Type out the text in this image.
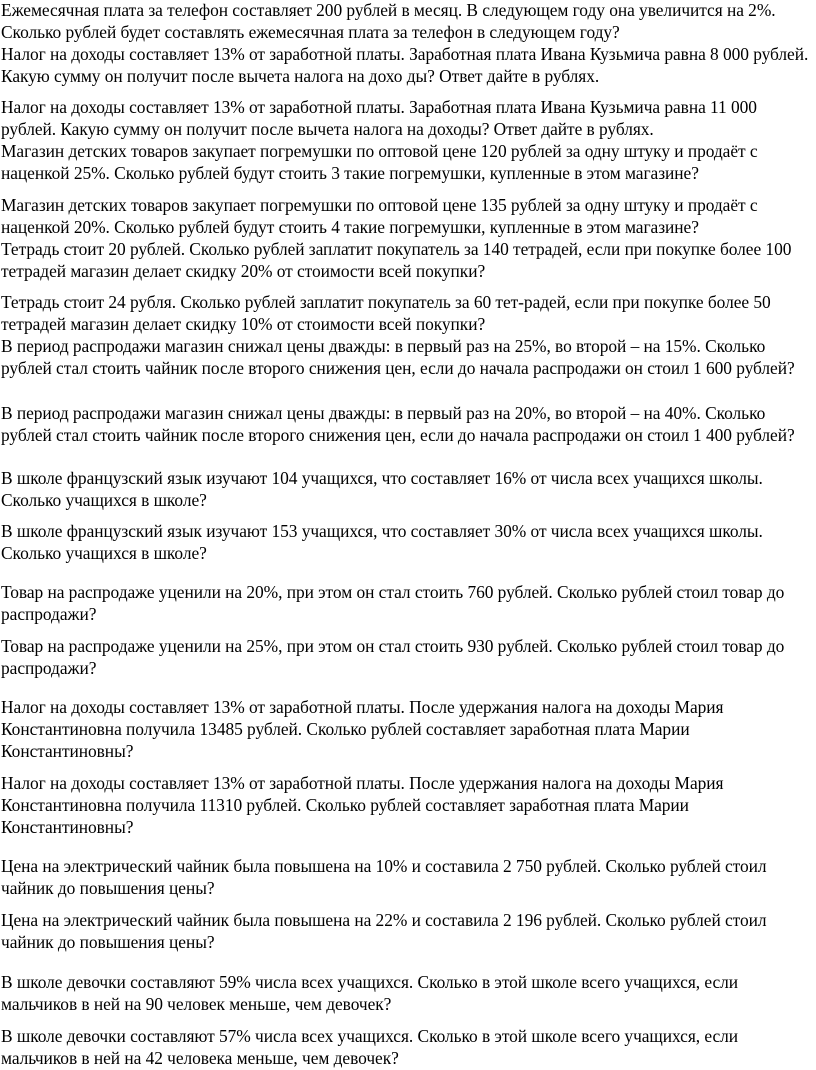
Ежемесячная плата за телефон составляет 200 рублей в месяц. В следующем году она увеличится на 2%. Сколько рублей будет составлять ежемесячная плата за телефон в следующем году?

Налог на доходы составляет 13% от заработной платы. Заработная плата Ивана Кузьмича равна 8 000 рублей. Какую сумму он получит после вычета налога на дохо ды? Ответ дайте в рублях.

Налог на доходы составляет 13% от заработной платы. Заработная плата Ивана Кузьмича равна 11 000 рублей. Какую сумму он получит после вычета налога на доходы? Ответ дайте в рублях.

Магазин детских товаров закупает погремушки по оптовой цене 120 рублей за одну штуку и продаёт с наценкой 25%. Сколько рублей будут стоить 3 такие погремушки, купленные в этом магазине?

Магазин детских товаров закупает погремушки по оптовой цене 135 рублей за одну штуку и продаёт с наценкой 20%. Сколько рублей будут стоить 4 такие погремушки, купленные в этом магазине?

Тетрадь стоит 20 рублей. Сколько рублей заплатит покупатель за 140 тетрадей, если при покупке более 100 тетрадей магазин делает скидку 20% от стоимости всей покупки?

Тетрадь стоит 24 рубля. Сколько рублей заплатит покупатель за 60 тет-радей, если при покупке более 50 тетрадей магазин делает скидку 10% от стоимости всей покупки?

В период распродажи магазин снижал цены дважды: в первый раз на 25%, во второй – на 15%. Сколько рублей стал стоить чайник после второго снижения цен, если до начала распродажи он стоил 1 600 рублей?

В период распродажи магазин снижал цены дважды: в первый раз на 20%, во второй – на 40%. Сколько рублей стал стоить чайник после второго снижения цен, если до начала распродажи он стоил 1 400 рублей?

В школе французский язык изучают 104 учащихся, что составляет 16% от числа всех учащихся школы. Сколько учащихся в школе?

В школе французский язык изучают 153 учащихся, что составляет 30% от числа всех учащихся школы. Сколько учащихся в школе?

Товар на распродаже уценили на 20%, при этом он стал стоить 760 рублей. Сколько рублей стоил товар до распродажи?

Товар на распродаже уценили на 25%, при этом он стал стоить 930 рублей. Сколько рублей стоил товар до распродажи?

Налог на доходы составляет 13% от заработной платы. После удержания налога на доходы Мария Константиновна получила 13485 рублей. Сколько рублей составляет заработная плата Марии Константиновны?

Налог на доходы составляет 13% от заработной платы. После удержания налога на доходы Мария Константиновна получила 11310 рублей. Сколько рублей составляет заработная плата Марии Константиновны?

Цена на электрический чайник была повышена на 10% и составила 2 750 рублей. Сколько рублей стоил чайник до повышения цены?

Цена на электрический чайник была повышена на 22% и составила 2 196 рублей. Сколько рублей стоил чайник до повышения цены?

В школе девочки составляют 59% числа всех учащихся. Сколько в этой школе всего учащихся, если мальчиков в ней на 90 человек меньше, чем девочек?

В школе девочки составляют 57% числа всех учащихся. Сколько в этой школе всего учащихся, если мальчиков в ней на 42 человека меньше, чем девочек?
